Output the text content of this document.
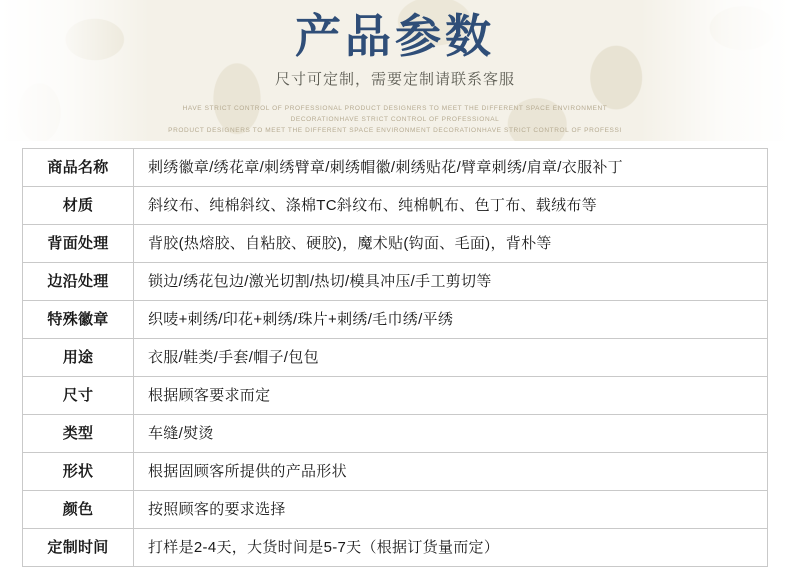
产品参数
尺寸可定制，需要定制请联系客服
HAVE STRICT CONTROL OF PROFESSIONAL PRODUCT DESIGNERS TO MEET THE DIFFERENT SPACE ENVIRONMENT DECORATIONHAVE STRICT CONTROL OF PROFESSIONAL
PRODUCT DESIGNERS TO MEET THE DIFFERENT SPACE ENVIRONMENT DECORATIONHAVE STRICT CONTROL OF PROFESSI
商品名称	刺绣徽章/绣花章/刺绣臂章/刺绣帽徽/刺绣贴花/臂章刺绣/肩章/衣服补丁
材质	斜纹布、纯棉斜纹、涤棉TC斜纹布、纯棉帆布、色丁布、载绒布等
背面处理	背胶(热熔胶、自粘胶、硬胶)，魔术贴(钩面、毛面)，背朴等
边沿处理	锁边/绣花包边/激光切割/热切/模具冲压/手工剪切等
特殊徽章	织唛+刺绣/印花+刺绣/珠片+刺绣/毛巾绣/平绣
用途	衣服/鞋类/手套/帽子/包包
尺寸	根据顾客要求而定
类型	车缝/熨烫
形状	根据固顾客所提供的产品形状
颜色	按照顾客的要求选择
定制时间	打样是2-4天，大货时间是5-7天（根据订货量而定）
